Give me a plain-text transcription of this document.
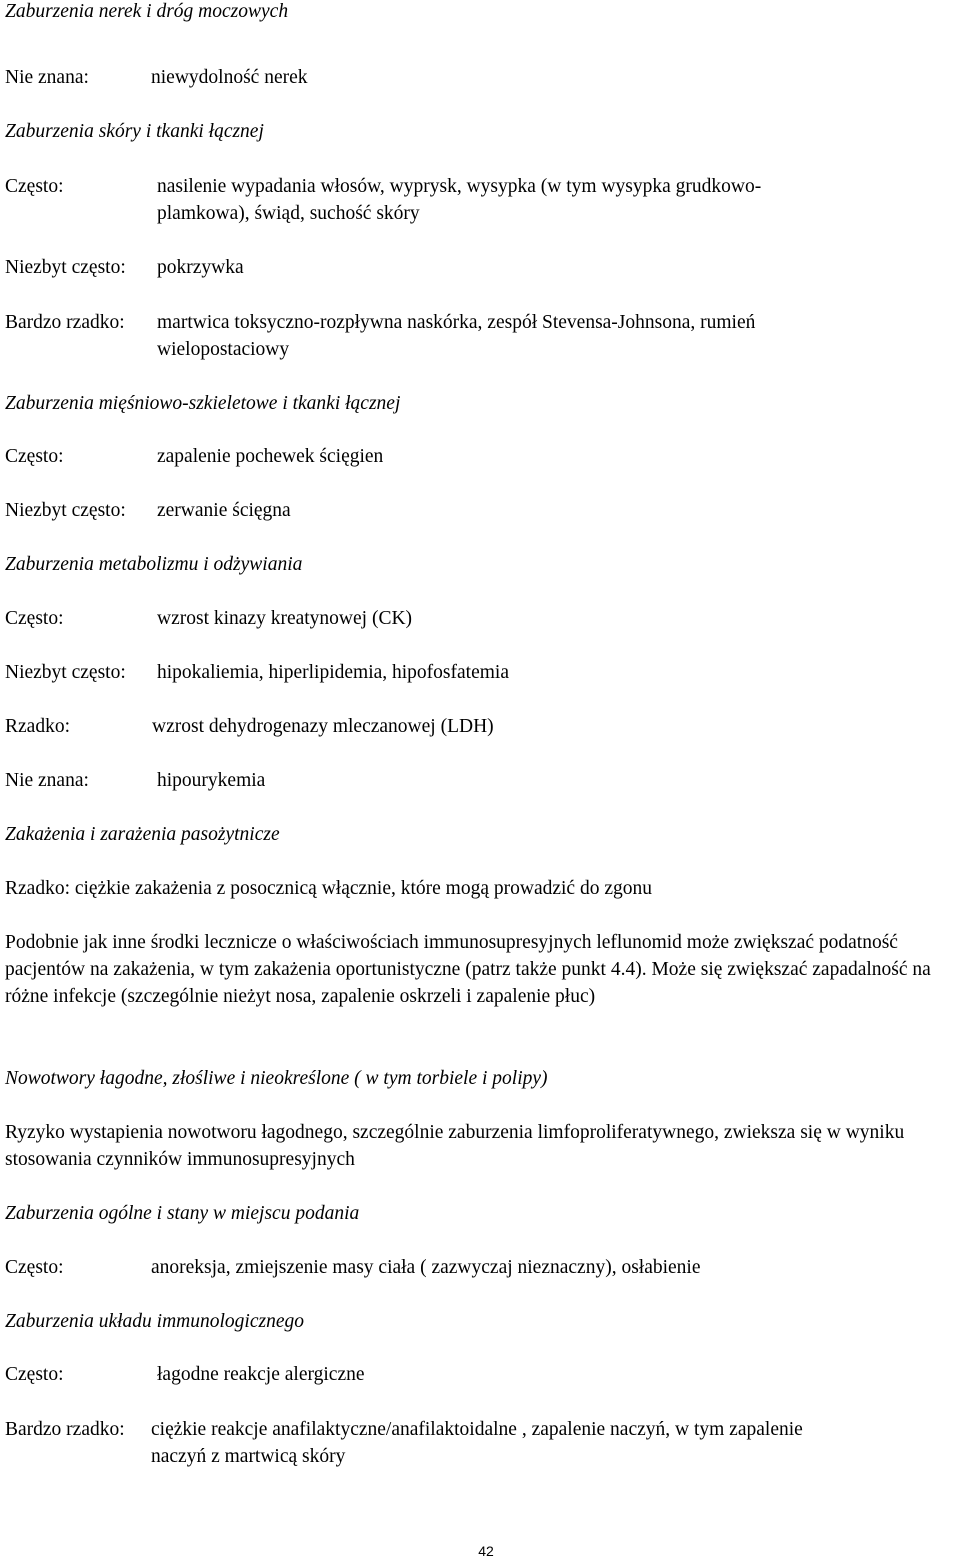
Zaburzenia nerek i dróg moczowych
Nie znana:	niewydolność nerek
Zaburzenia skóry i tkanki łącznej
Często:	nasilenie wypadania włosów, wyprysk, wysypka (w tym wysypka grudkowo-
plamkowa), świąd, suchość skóry
Niezbyt często: pokrzywka
Bardzo rzadko: martwica toksyczno-rozpływna naskórka, zespół Stevensa-Johnsona, rumień
wielopostaciowy
Zaburzenia mięśniowo-szkieletowe i tkanki łącznej
Często:	zapalenie pochewek ścięgien
Niezbyt często: zerwanie ścięgna
Zaburzenia metabolizmu i odżywiania
Często:	wzrost kinazy kreatynowej (CK)
Niezbyt często: hipokaliemia, hiperlipidemia, hipofosfatemia
Rzadko:	wzrost dehydrogenazy mleczanowej (LDH)
Nie znana:	hipourykemia
Zakażenia i zarażenia pasożytnicze
Rzadko: ciężkie zakażenia z posocznicą włącznie, które mogą prowadzić do zgonu
Podobnie jak inne środki lecznicze o właściwościach immunosupresyjnych leflunomid może zwiększać podatność pacjentów na zakażenia, w tym zakażenia oportunistyczne (patrz także punkt 4.4). Może się zwiększać zapadalność na różne infekcje (szczególnie nieżyt nosa, zapalenie oskrzeli i zapalenie płuc)
Nowotwory łagodne, złośliwe i nieokreślone ( w tym torbiele i polipy)
Ryzyko wystapienia nowotworu łagodnego, szczególnie zaburzenia limfoproliferatywnego, zwieksza się w wyniku stosowania czynników immunosupresyjnych
Zaburzenia ogólne i stany w miejscu podania
Często:	anoreksja, zmiejszenie masy ciała ( zazwyczaj nieznaczny), osłabienie
Zaburzenia układu immunologicznego
Często:	łagodne reakcje alergiczne
Bardzo rzadko: ciężkie reakcje anafilaktyczne/anafilaktoidalne , zapalenie naczyń, w tym zapalenie
naczyń z martwicą skóry
42
